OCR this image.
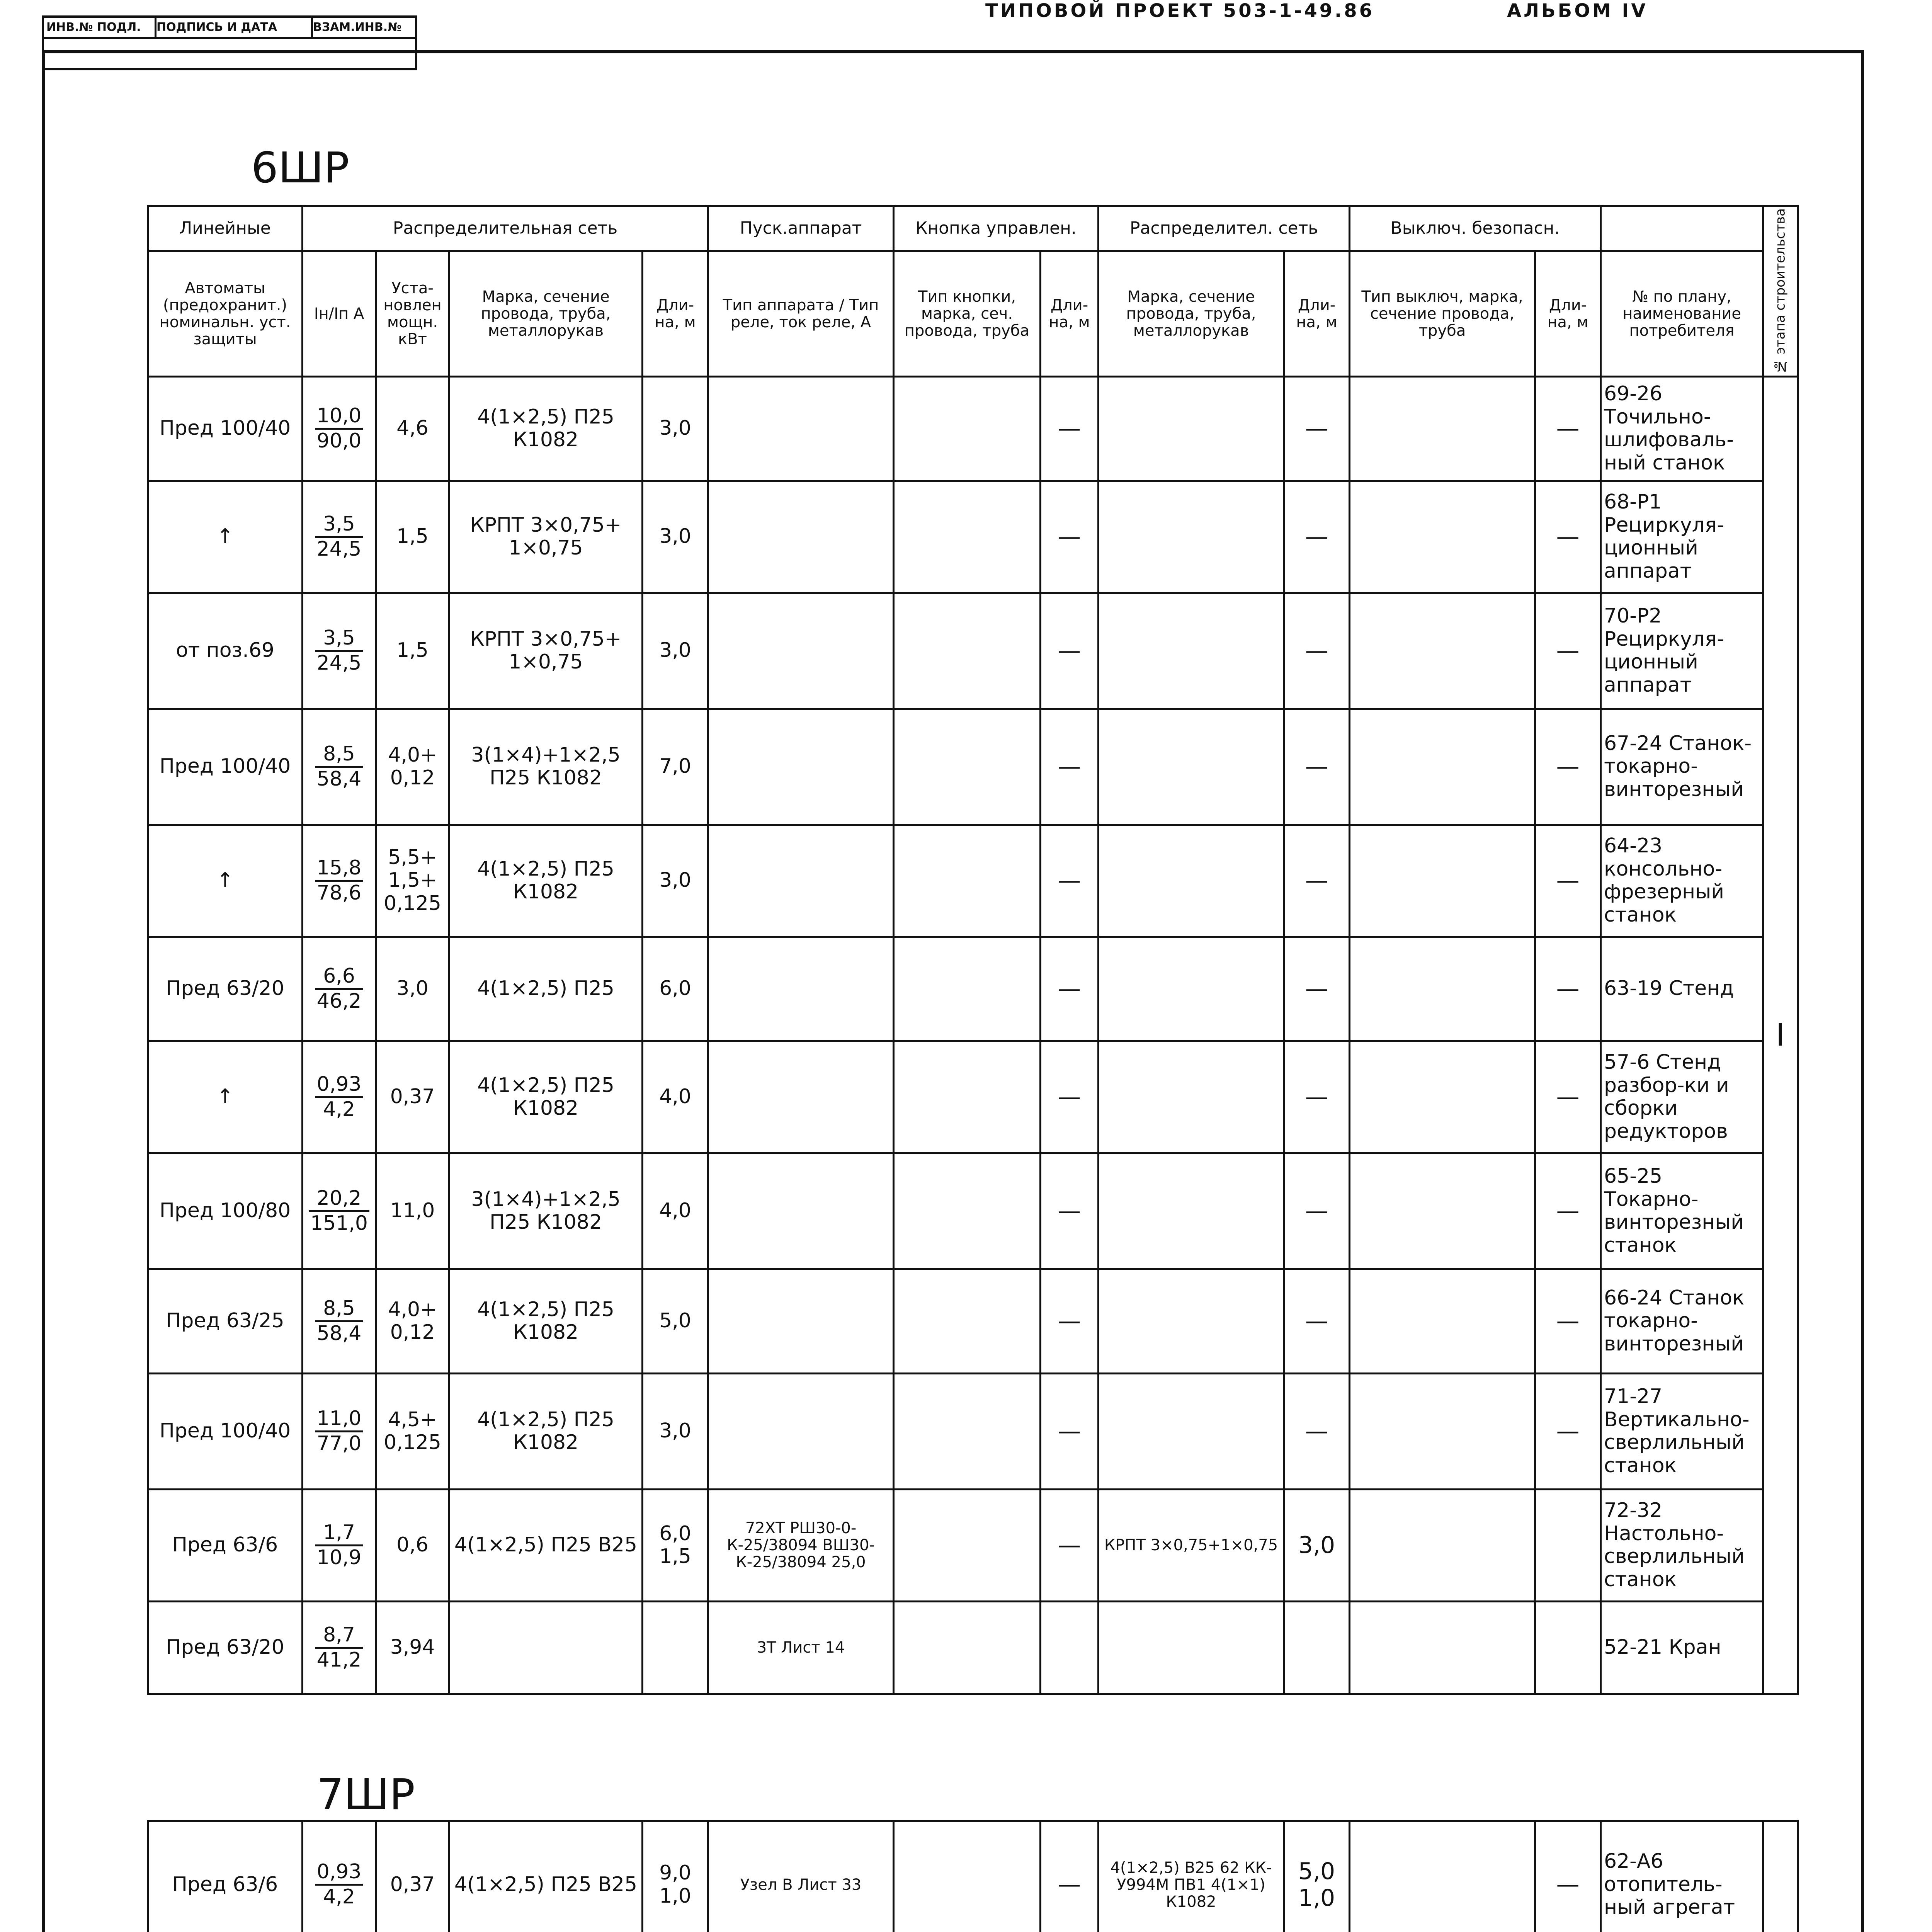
ИНВ.№ ПОДЛ.	ПОДПИСЬ И ДАТА	ВЗАМ.ИНВ.№
ТИПОВОЙ ПРОЕКТ 503-1-49.86	АЛЬБОМ IV
6ШР
Линейные	Распределительная сеть				Пуск.аппарат	Кнопка управлен.		Распределител. сеть		Выключ. безопасн.			№ этапа строительства
Автоматы (предохранит.) номинальн. уст. защиты	Iн/Iп А	Уста-новлен мощн. кВт	Марка, сечение провода, труба, металлорукав	Дли-на, м	Тип аппарата / Тип реле, ток реле, А	Тип кнопки, марка, сеч. провода, труба	Дли-на, м	Марка, сечение провода, труба, металлорукав	Дли-на, м	Тип выключ, марка, сечение провода, труба	Дли-на, м	№ по плану, наименование потребителя	
Пред 100/40	$\frac{10,0}{90,0}$	4,6	4(1×2,5) П25 К1082	3,0			—		—		—	69-26 Точильно-шлифоваль-ный станок	I
↑	$\frac{3,5}{24,5}$	1,5	КРПТ 3×0,75+ 1×0,75	3,0			—		—		—	68-Р1 Рециркуля-ционный аппарат	
от поз.69	$\frac{3,5}{24,5}$	1,5	КРПТ 3×0,75+ 1×0,75	3,0			—		—		—	70-Р2 Рециркуля-ционный аппарат	
Пред 100/40	$\frac{8,5}{58,4}$	4,0+ 0,12	3(1×4)+1×2,5 П25 К1082	7,0			—		—		—	67-24 Станок-токарно-винторезный	
↑	$\frac{15,8}{78,6}$	5,5+ 1,5+ 0,125	4(1×2,5) П25 К1082	3,0			—		—		—	64-23 консольно-фрезерный станок	
Пред 63/20	$\frac{6,6}{46,2}$	3,0	4(1×2,5) П25	6,0			—		—		—	63-19 Стенд	
↑	$\frac{0,93}{4,2}$	0,37	4(1×2,5) П25 К1082	4,0			—		—		—	57-6 Стенд разбор-ки и сборки редукторов	
Пред 100/80	$\frac{20,2}{151,0}$	11,0	3(1×4)+1×2,5 П25 К1082	4,0			—		—		—	65-25 Токарно-винторезный станок	
Пред 63/25	$\frac{8,5}{58,4}$	4,0+ 0,12	4(1×2,5) П25 К1082	5,0			—		—		—	66-24 Станок токарно-винторезный	
Пред 100/40	$\frac{11,0}{77,0}$	4,5+ 0,125	4(1×2,5) П25 К1082	3,0			—		—		—	71-27 Вертикально-сверлильный станок	
Пред 63/6	$\frac{1,7}{10,9}$	0,6	4(1×2,5) П25 В25	6,0 1,5	72ХТ РШ30-0-К-25/38094 ВШ30-К-25/38094 25,0		—	КРПТ 3×0,75+1×0,75	3,0			72-32 Настольно-сверлильный станок	
Пред 63/20	$\frac{8,7}{41,2}$	3,94			3Т Лист 14							52-21 Кран	
7ШР
Пред 63/6	$\frac{0,93}{4,2}$	0,37	4(1×2,5) П25 В25	9,0 1,0	Узел В Лист 33		—	4(1×2,5) В25 62 КК-У994М ПВ1 4(1×1) К1082	5,0 1,0		—	62-А6 отопитель-ный агрегат	
